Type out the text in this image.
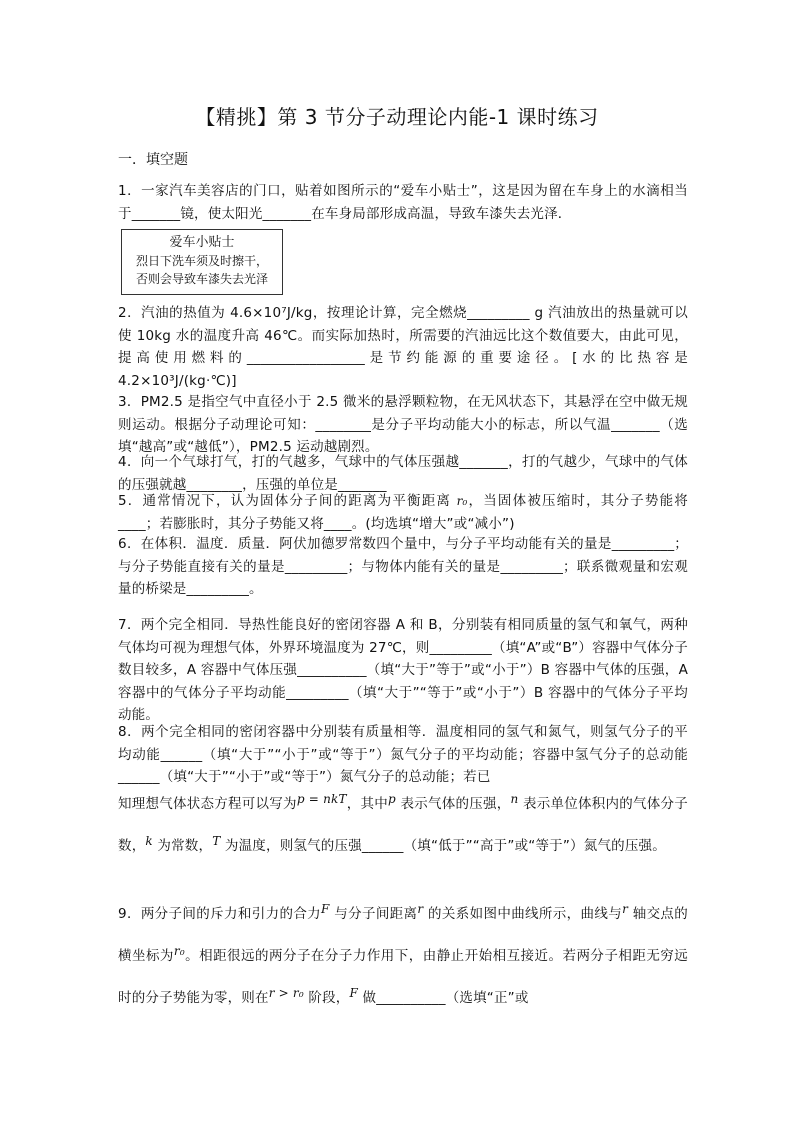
【精挑】第 3 节分子动理论内能-1 课时练习
一．填空题

1．一家汽车美容店的门口，贴着如图所示的“爱车小贴士”，这是因为留在车身上的水滴相当于_______镜，使太阳光_______在车身局部形成高温，导致车漆失去光泽．

爱车小贴士
烈日下洗车须及时擦干，
否则会导致车漆失去光泽

2．汽油的热值为 4.6×10⁷J/kg，按理论计算，完全燃烧_________ g 汽油放出的热量就可以使 10kg 水的温度升高 46℃。而实际加热时，所需要的汽油远比这个数值要大，由此可见，提高使用燃料的_________________是节约能源的重要途径。[水的比热容是 4.2×10³J/(kg·℃)]

3．PM2.5 是指空气中直径小于 2.5 微米的悬浮颗粒物，在无风状态下，其悬浮在空中做无规则运动。根据分子动理论可知：________是分子平均动能大小的标志，所以气温_______（选填“越高”或“越低”），PM2.5 运动越剧烈。

4．向一个气球打气，打的气越多，气球中的气体压强越_______，打的气越少，气球中的气体的压强就越________，压强的单位是_______

5．通常情况下，认为固体分子间的距离为平衡距离 r₀，当固体被压缩时，其分子势能将____；若膨胀时，其分子势能又将____。(均选填“增大”或“减小”)

6．在体积．温度．质量．阿伏加德罗常数四个量中，与分子平均动能有关的量是_________；与分子势能直接有关的量是_________；与物体内能有关的量是_________；联系微观量和宏观量的桥梁是_________。

7．两个完全相同．导热性能良好的密闭容器 A 和 B，分别装有相同质量的氢气和氧气，两种气体均可视为理想气体，外界环境温度为 27℃，则_________（填“A”或“B”）容器中气体分子数目较多，A 容器中气体压强__________（填“大于”等于”或“小于”）B 容器中气体的压强，A 容器中的气体分子平均动能_________（填“大于”“等于”或“小于”）B 容器中的气体分子平均动能。

8．两个完全相同的密闭容器中分别装有质量相等．温度相同的氢气和氮气，则氢气分子的平均动能______（填“大于”“小于”或“等于”）氮气分子的平均动能；容器中氢气分子的总动能______（填“大于”“小于”或“等于”）氮气分子的总动能；若已

知理想气体状态方程可以写为p = nkT，其中p 表示气体的压强，n 表示单位体积内的气体分子数，k 为常数，T 为温度，则氢气的压强______（填“低于”“高于”或“等于”）氮气的压强。

9．两分子间的斥力和引力的合力F 与分子间距离r 的关系如图中曲线所示，曲线与r 轴交点的横坐标为r₀。相距很远的两分子在分子力作用下，由静止开始相互接近。若两分子相距无穷远时的分子势能为零，则在r > r₀ 阶段，F 做__________（选填“正”或
